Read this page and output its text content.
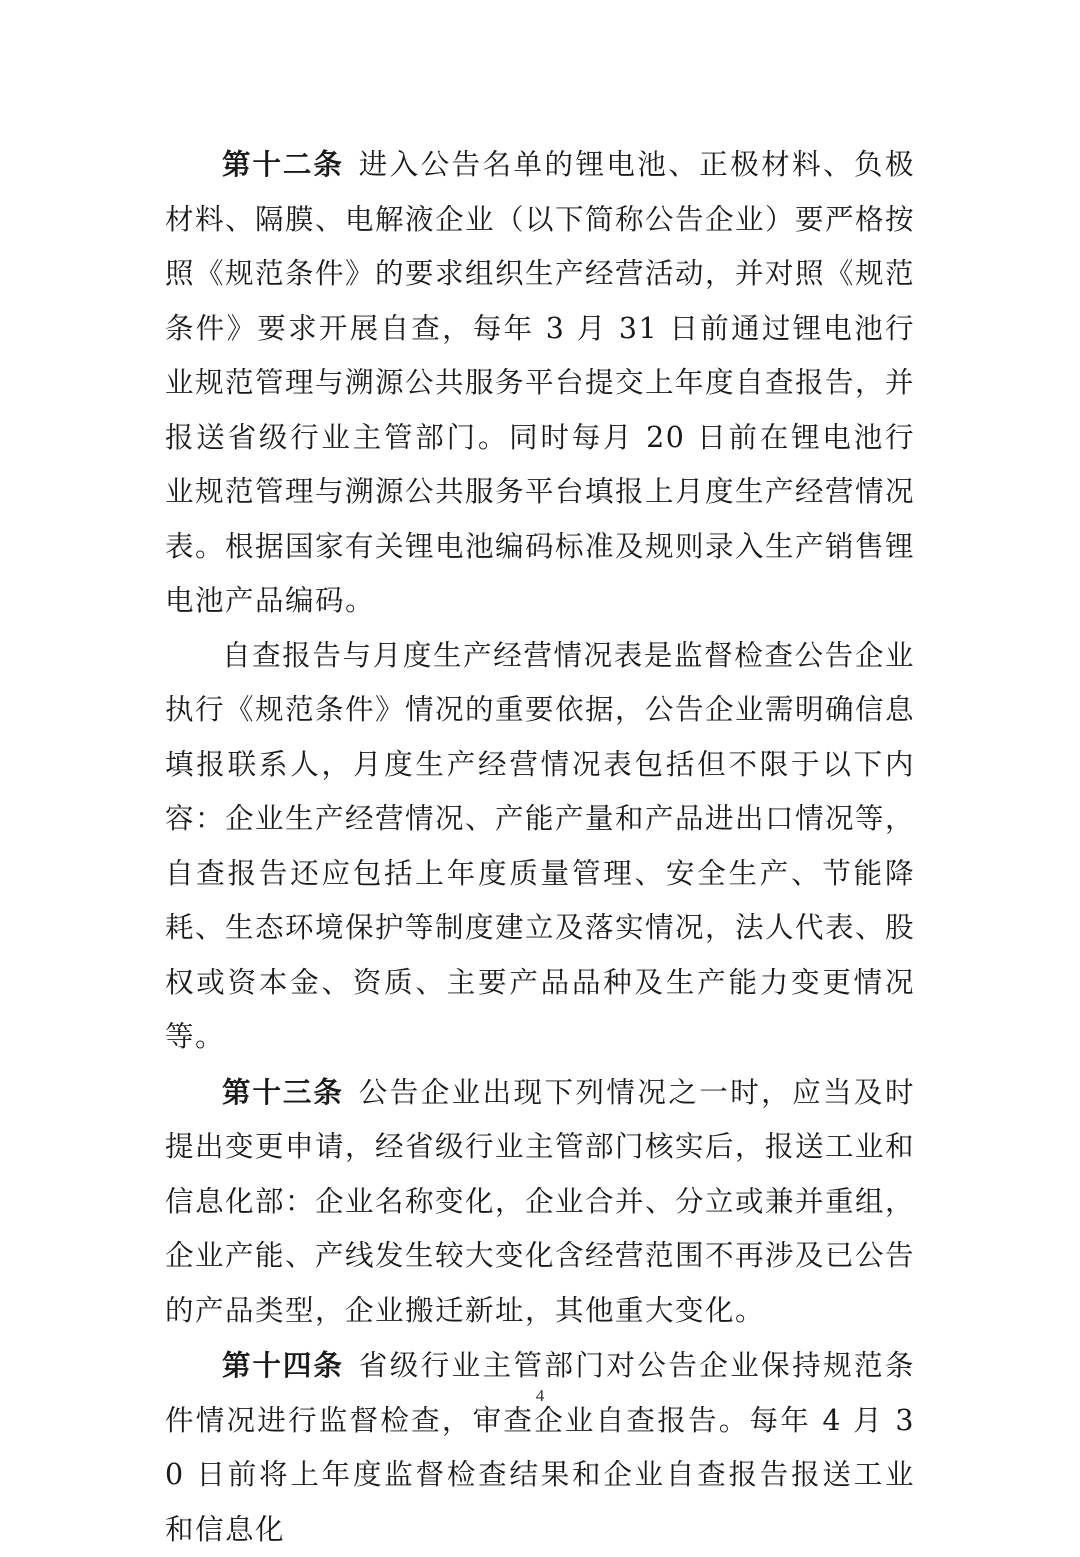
第十二条 进入公告名单的锂电池、正极材料、负极材料、隔膜、电解液企业（以下简称公告企业）要严格按照《规范条件》的要求组织生产经营活动，并对照《规范条件》要求开展自查，每年 3 月 31 日前通过锂电池行业规范管理与溯源公共服务平台提交上年度自查报告，并报送省级行业主管部门。同时每月 20 日前在锂电池行业规范管理与溯源公共服务平台填报上月度生产经营情况表。根据国家有关锂电池编码标准及规则录入生产销售锂电池产品编码。

自查报告与月度生产经营情况表是监督检查公告企业执行《规范条件》情况的重要依据，公告企业需明确信息填报联系人，月度生产经营情况表包括但不限于以下内容：企业生产经营情况、产能产量和产品进出口情况等，自查报告还应包括上年度质量管理、安全生产、节能降耗、生态环境保护等制度建立及落实情况，法人代表、股权或资本金、资质、主要产品品种及生产能力变更情况等。

第十三条 公告企业出现下列情况之一时，应当及时提出变更申请，经省级行业主管部门核实后，报送工业和信息化部：企业名称变化，企业合并、分立或兼并重组，企业产能、产线发生较大变化含经营范围不再涉及已公告的产品类型，企业搬迁新址，其他重大变化。

第十四条 省级行业主管部门对公告企业保持规范条件情况进行监督检查，审查企业自查报告。每年 4 月 30 日前将上年度监督检查结果和企业自查报告报送工业和信息化

4
